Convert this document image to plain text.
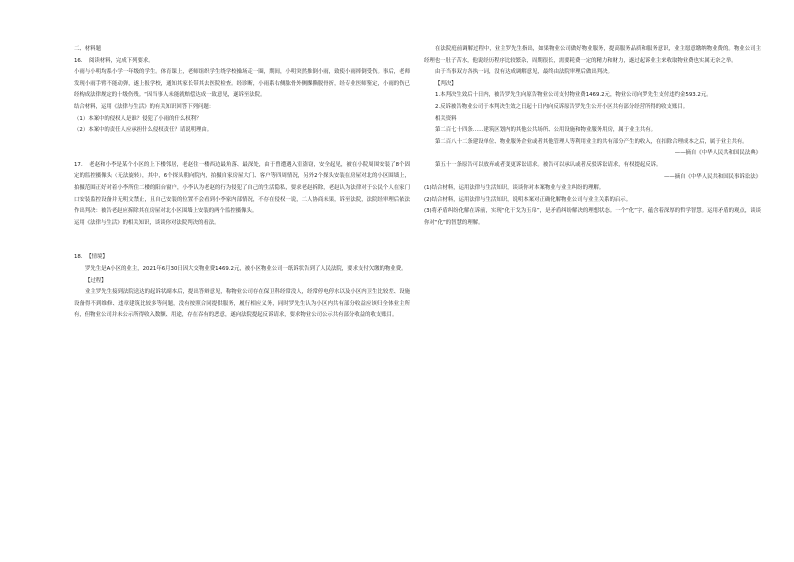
二、材料题

16．　阅读材料，完成下列要求。

小雨与小明均系小学一年级的学生。体育课上，老师组织学生绕学校操场走一圈，期间，小明突然推倒小雨，致使小雨摔倒受伤。事后，老师发现小雨手臂不能动弹，遂上报学校，通知其家长带其去医院检查。经诊断，小雨系右侧肱骨外侧髁撕脱骨折，经专业医师鉴定，小雨的伤已经构成法律规定的十级伤残。“因当事人未能就赔偿达成一致意见，遂诉至法院。

结合材料，运用《法律与生活》的有关知识回答下列问题：

（1）本案中的侵权人是谁？侵犯了小雨的什么权利？

（2）本案中的责任人应承担什么侵权责任？请说明理由。

17．　老赵和小李是某个小区的上下楼邻居，老赵住一楼西边最角落、最深处，由于曾遭遇入室盗窃，安全起见，被在小院周围安装了8个固定的监控摄像头（无法旋转），其中，6个探头朝向院内，拍摄自家房屋大门、客户等四周情况，另外2个探头安装在房屋对北的小区围墙上，拍摄范围正好对着小李所住二楼的阳台窗户，小李认为老赵的行为侵犯了自己的生活隐私，要求老赵拆除，老赵认为法律对于公民个人在家门口安装监控设备并无明文禁止，且自己安装的位置不会看到小李家内部情况，不存在侵权一说，二人协商未果，诉至法院，法院经审理后依法作出判决：被告老赵应拆除其在房屋对北小区围墙上安装的两个监控摄像头。

运用《法律与生活》的相关知识，谈谈你对法院判决的看法。

18．　【情境】

罗先生是A小区的业主，2021年6月30日因大交物业费1469.2元，被小区物业公司一纸诉状告到了人民法院，要求支付欠缴的物业费。

【过程】

业主罗先生接到法院送达的起诉状副本后，提出答辩意见，称物业公司存在保卫科经常没人，经常停电停水以及小区内卫生比较差、设施设备得不到维修、违章建筑比较多等问题，没有按照合同提供服务，履行相应义务，同时罗先生认为小区内共有部分收益应该归全体业主所有，但物业公司并未公示所得收入数额、用途，存在吞有的恶意，遂向法院提起反诉请求，要求物业公司公示共有部分收益的收支账目。

在法院庭前调解过程中，业主罗先生指出，如果物业公司做好物业服务，提高服务品质和服务意识，业主愿意缴纳物业费的。物业公司主经理也一肚子苦水，他说经历程序比较繁杂，周期很长，需要耗费一定的精力和财力，遂过起诉业主来收取物业费也实属无奈之举。

由于当事双方各执一词，没有达成调解意见，最终由法院审理后做出判决。

【判决】

1.本判决生效后十日内，被告罗先生向原告物业公司支付物业费1469.2元，物业公司向罗先生支付违约金593.2元。

2.反诉被告物业公司于本判决生效之日起十日内向反诉原告罗先生公开小区共有部分经营所得的收支账目。

相关资料

第二百七十四条……建筑区划内的其他公共场所、公用设施和物业服务用房，属于业主共有。

第二百八十二条建设单位、物业服务企业或者其他管理人等利用业主的共有部分产生的收入，在扣除合理成本之后，属于业主共有。

——摘自《中华人民共和国民法典》

第五十一条原告可以放弃或者变更诉讼请求。被告可以承认或者反驳诉讼请求，有权提起反诉。

——摘自《中华人民共和国民事诉讼法》

(1)结合材料，运用法律与生活知识，谈谈你对本案物业与业主纠纷的理解。

(2)结合材料，运用法律与生活知识，说明本案对正确化解物业公司与业主关系的启示。

(3)将矛盾纠纷化解在诉前，实现“化干戈为玉帛”，是矛盾纠纷解决的理想状态。一个“化”字，蕴含着深厚的哲学智慧。运用矛盾的观点，谈谈你对“化”的智慧的理解。
